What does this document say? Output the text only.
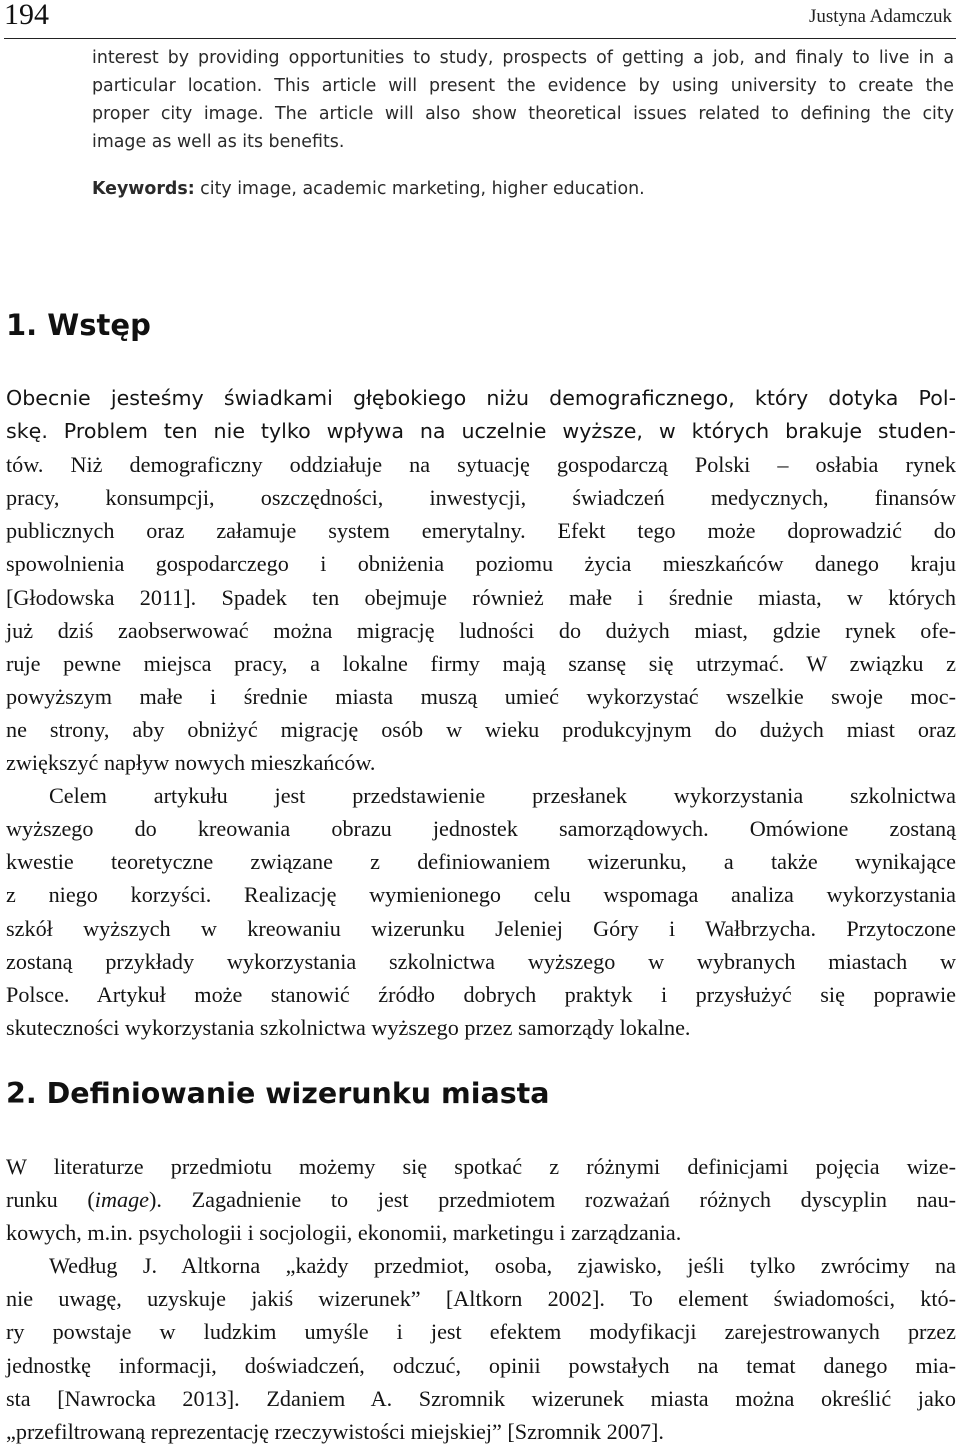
194	Justyna Adamczuk
interest by providing opportunities to study, prospects of getting a job, and finaly to live in a
particular location. This article will present the evidence by using university to create the
proper city image. The article will also show theoretical issues related to defining the city
image as well as its benefits.
Keywords: city image, academic marketing, higher education.
1. Wstęp
Obecnie jesteśmy świadkami głębokiego niżu demograficznego, który dotyka Pol-
skę. Problem ten nie tylko wpływa na uczelnie wyższe, w których brakuje studen-
tów. Niż demograficzny oddziałuje na sytuację gospodarczą Polski – osłabia rynek
pracy, konsumpcji, oszczędności, inwestycji, świadczeń medycznych, finansów
publicznych oraz załamuje system emerytalny. Efekt tego może doprowadzić do
spowolnienia gospodarczego i obniżenia poziomu życia mieszkańców danego kraju
[Głodowska 2011]. Spadek ten obejmuje również małe i średnie miasta, w których
już dziś zaobserwować można migrację ludności do dużych miast, gdzie rynek ofe-
ruje pewne miejsca pracy, a lokalne firmy mają szansę się utrzymać. W związku z
powyższym małe i średnie miasta muszą umieć wykorzystać wszelkie swoje moc-
ne strony, aby obniżyć migrację osób w wieku produkcyjnym do dużych miast oraz
zwiększyć napływ nowych mieszkańców.
Celem artykułu jest przedstawienie przesłanek wykorzystania szkolnictwa
wyższego do kreowania obrazu jednostek samorządowych. Omówione zostaną
kwestie teoretyczne związane z definiowaniem wizerunku, a także wynikające
z niego korzyści. Realizację wymienionego celu wspomaga analiza wykorzystania
szkół wyższych w kreowaniu wizerunku Jeleniej Góry i Wałbrzycha. Przytoczone
zostaną przykłady wykorzystania szkolnictwa wyższego w wybranych miastach w
Polsce. Artykuł może stanowić źródło dobrych praktyk i przysłużyć się poprawie
skuteczności wykorzystania szkolnictwa wyższego przez samorządy lokalne.
2. Definiowanie wizerunku miasta
W literaturze przedmiotu możemy się spotkać z różnymi definicjami pojęcia wize-
runku (image). Zagadnienie to jest przedmiotem rozważań różnych dyscyplin nau-
kowych, m.in. psychologii i socjologii, ekonomii, marketingu i zarządzania.
Według J. Altkorna „każdy przedmiot, osoba, zjawisko, jeśli tylko zwrócimy na
nie uwagę, uzyskuje jakiś wizerunek” [Altkorn 2002]. To element świadomości, któ-
ry powstaje w ludzkim umyśle i jest efektem modyfikacji zarejestrowanych przez
jednostkę informacji, doświadczeń, odczuć, opinii powstałych na temat danego mia-
sta [Nawrocka 2013]. Zdaniem A. Szromnik wizerunek miasta można określić jako
„przefiltrowaną reprezentację rzeczywistości miejskiej” [Szromnik 2007].
